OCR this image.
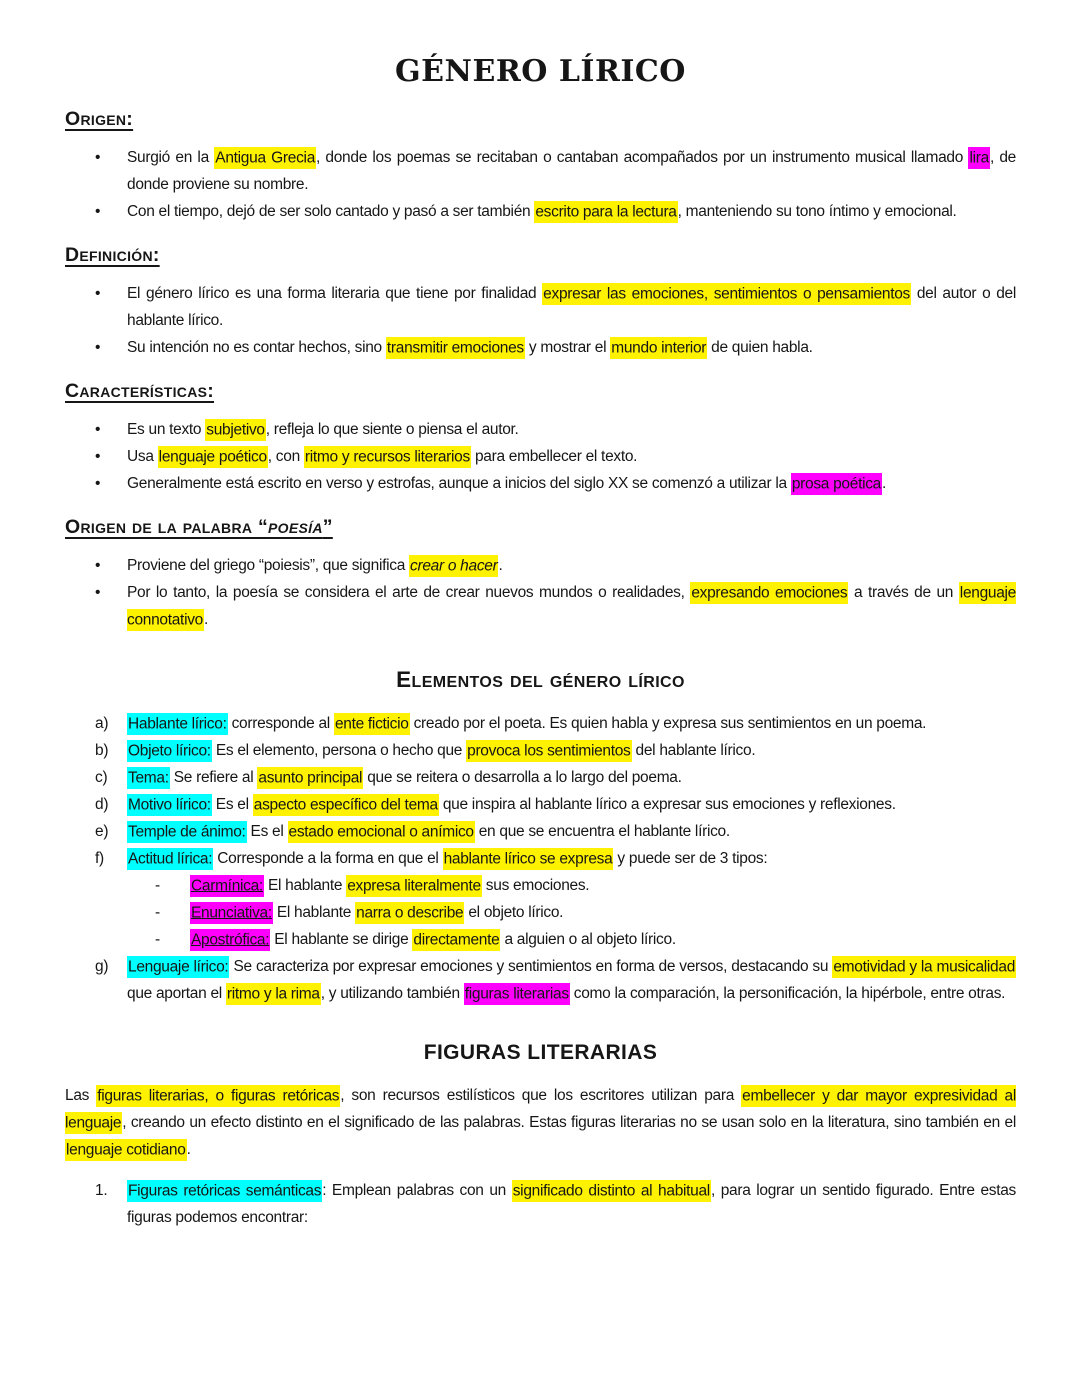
GÉNERO LÍRICO
Origen:
• Surgió en la Antigua Grecia, donde los poemas se recitaban o cantaban acompañados por un instrumento musical llamado lira, de donde proviene su nombre.
• Con el tiempo, dejó de ser solo cantado y pasó a ser también escrito para la lectura, manteniendo su tono íntimo y emocional.
Definición:
• El género lírico es una forma literaria que tiene por finalidad expresar las emociones, sentimientos o pensamientos del autor o del hablante lírico.
• Su intención no es contar hechos, sino transmitir emociones y mostrar el mundo interior de quien habla.
Características:
• Es un texto subjetivo, refleja lo que siente o piensa el autor.
• Usa lenguaje poético, con ritmo y recursos literarios para embellecer el texto.
• Generalmente está escrito en verso y estrofas, aunque a inicios del siglo XX se comenzó a utilizar la prosa poética.
Origen de la palabra “poesía”
• Proviene del griego “poiesis”, que significa crear o hacer.
• Por lo tanto, la poesía se considera el arte de crear nuevos mundos o realidades, expresando emociones a través de un lenguaje connotativo.
Elementos del género lírico
a) Hablante lírico: corresponde al ente ficticio creado por el poeta. Es quien habla y expresa sus sentimientos en un poema.
b) Objeto lírico: Es el elemento, persona o hecho que provoca los sentimientos del hablante lírico.
c) Tema: Se refiere al asunto principal que se reitera o desarrolla a lo largo del poema.
d) Motivo lírico: Es el aspecto específico del tema que inspira al hablante lírico a expresar sus emociones y reflexiones.
e) Temple de ánimo: Es el estado emocional o anímico en que se encuentra el hablante lírico.
f) Actitud lírica: Corresponde a la forma en que el hablante lírico se expresa y puede ser de 3 tipos:
- Carmínica: El hablante expresa literalmente sus emociones.
- Enunciativa: El hablante narra o describe el objeto lírico.
- Apostrófica: El hablante se dirige directamente a alguien o al objeto lírico.
g) Lenguaje lírico: Se caracteriza por expresar emociones y sentimientos en forma de versos, destacando su emotividad y la musicalidad que aportan el ritmo y la rima, y utilizando también figuras literarias como la comparación, la personificación, la hipérbole, entre otras.
FIGURAS LITERARIAS

Las figuras literarias, o figuras retóricas, son recursos estilísticos que los escritores utilizan para embellecer y dar mayor expresividad al lenguaje, creando un efecto distinto en el significado de las palabras. Estas figuras literarias no se usan solo en la literatura, sino también en el lenguaje cotidiano.

1. Figuras retóricas semánticas: Emplean palabras con un significado distinto al habitual, para lograr un sentido figurado. Entre estas figuras podemos encontrar:
